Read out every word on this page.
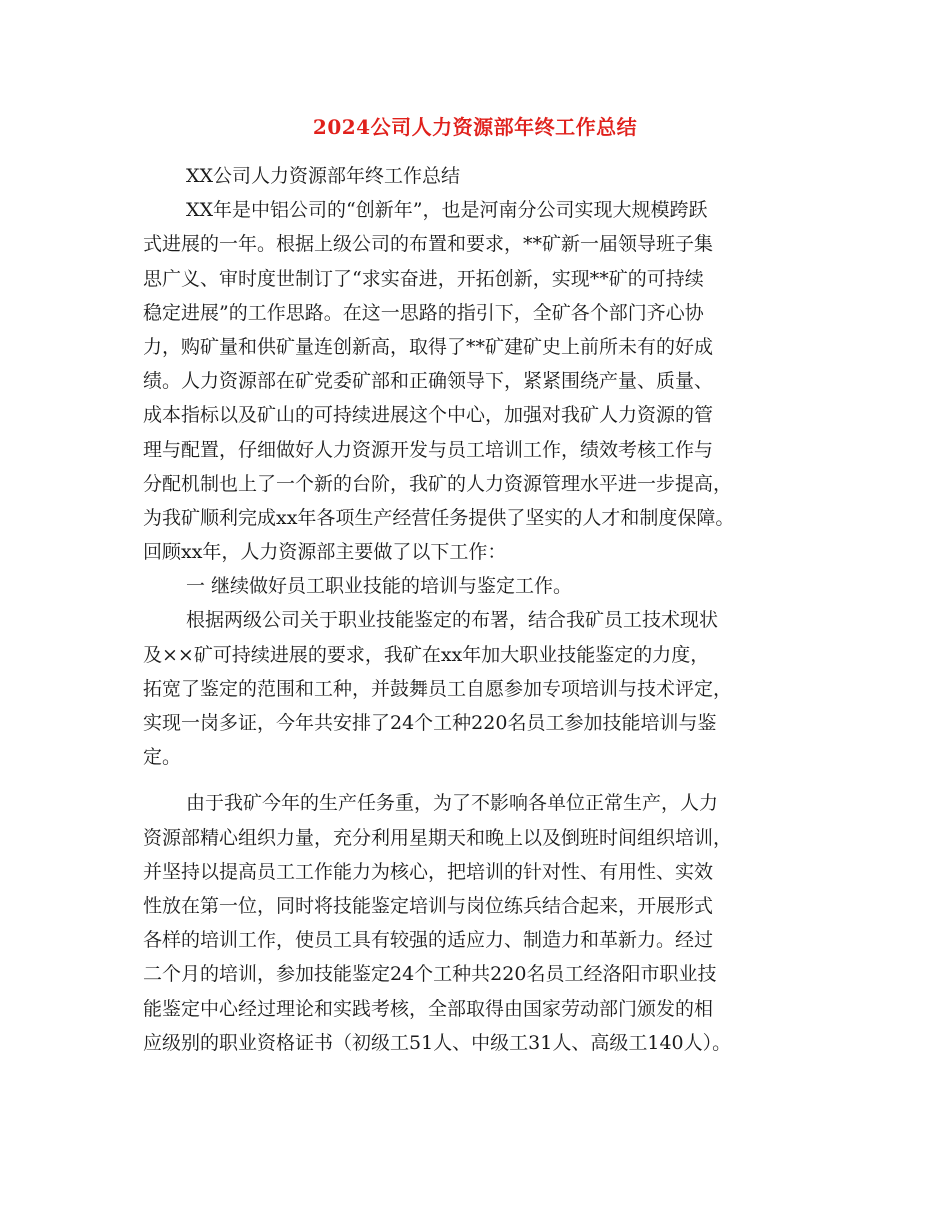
2024公司人力资源部年终工作总结
XX公司人力资源部年终工作总结
XX年是中铝公司的“创新年”，也是河南分公司实现大规模跨跃
式进展的一年。根据上级公司的布置和要求，**矿新一届领导班子集
思广义、审时度世制订了“求实奋进，开拓创新，实现**矿的可持续
稳定进展”的工作思路。在这一思路的指引下，全矿各个部门齐心协
力，购矿量和供矿量连创新高，取得了**矿建矿史上前所未有的好成
绩。人力资源部在矿党委矿部和正确领导下，紧紧围绕产量、质量、
成本指标以及矿山的可持续进展这个中心，加强对我矿人力资源的管
理与配置，仔细做好人力资源开发与员工培训工作，绩效考核工作与
分配机制也上了一个新的台阶，我矿的人力资源管理水平进一步提高，
为我矿顺利完成xx年各项生产经营任务提供了坚实的人才和制度保障。
回顾xx年，人力资源部主要做了以下工作：
一 继续做好员工职业技能的培训与鉴定工作。
根据两级公司关于职业技能鉴定的布署，结合我矿员工技术现状
及××矿可持续进展的要求，我矿在xx年加大职业技能鉴定的力度，
拓宽了鉴定的范围和工种，并鼓舞员工自愿参加专项培训与技术评定，
实现一岗多证，今年共安排了24个工种220名员工参加技能培训与鉴
定。
由于我矿今年的生产任务重，为了不影响各单位正常生产，人力
资源部精心组织力量，充分利用星期天和晚上以及倒班时间组织培训，
并坚持以提高员工工作能力为核心，把培训的针对性、有用性、实效
性放在第一位，同时将技能鉴定培训与岗位练兵结合起来，开展形式
各样的培训工作，使员工具有较强的适应力、制造力和革新力。经过
二个月的培训，参加技能鉴定24个工种共220名员工经洛阳市职业技
能鉴定中心经过理论和实践考核，全部取得由国家劳动部门颁发的相
应级别的职业资格证书（初级工51人、中级工31人、高级工140人）。
